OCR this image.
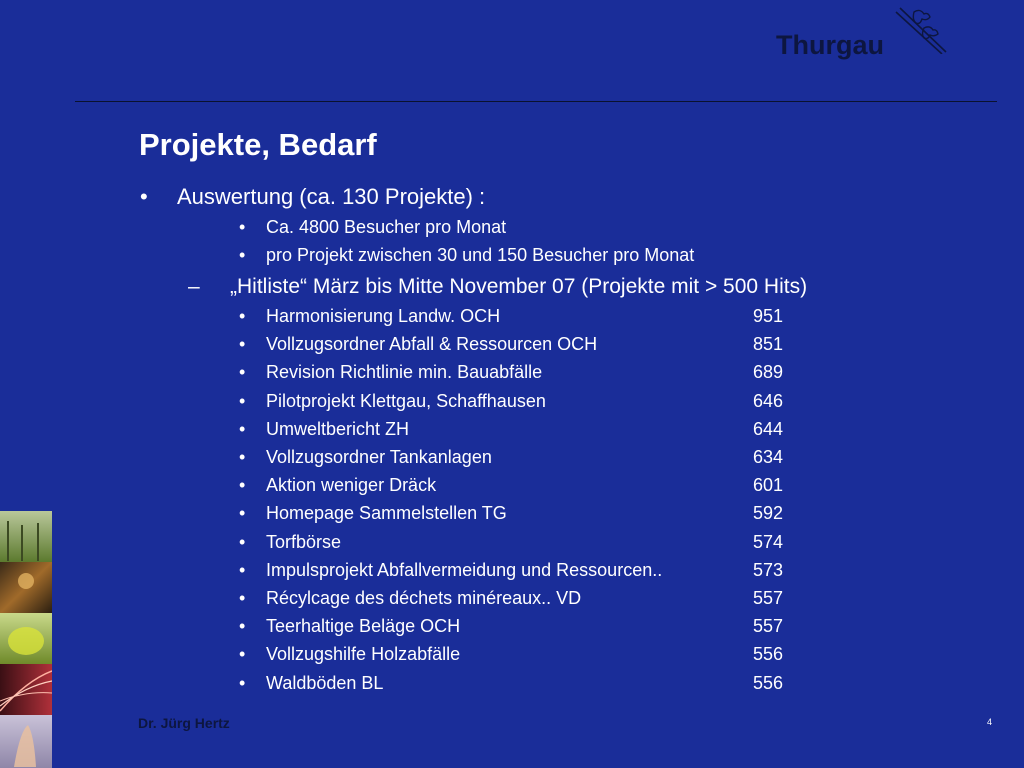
Thurgau
Projekte, Bedarf
• Auswertung (ca. 130 Projekte) :
• Ca. 4800 Besucher pro Monat
• pro Projekt zwischen 30 und 150 Besucher pro Monat
– „Hitliste“ März bis Mitte November 07 (Projekte mit > 500 Hits)
• Harmonisierung Landw. OCH	951
• Vollzugsordner Abfall & Ressourcen OCH	851
• Revision Richtlinie min. Bauabfälle	689
• Pilotprojekt Klettgau, Schaffhausen	646
• Umweltbericht ZH	644
• Vollzugsordner Tankanlagen	634
• Aktion weniger Dräck	601
• Homepage Sammelstellen TG	592
• Torfbörse	574
• Impulsprojekt Abfallvermeidung und Ressourcen..	573
• Récylcage des déchets minéreaux.. VD	557
• Teerhaltige Beläge OCH	557
• Vollzugshilfe Holzabfälle	556
• Waldböden BL	556
Dr. Jürg Hertz	4
